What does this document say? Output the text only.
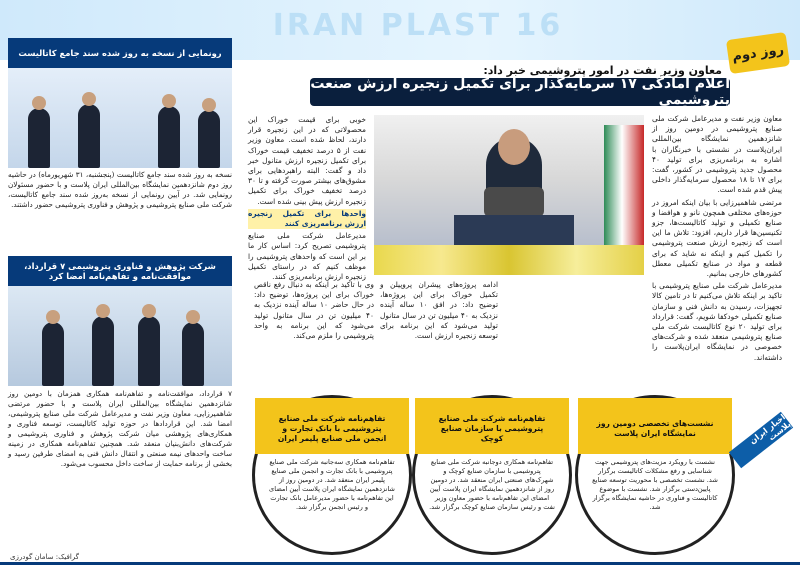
IRAN PLAST 16
روز دوم
معاون وزیر نفت در امور پتروشیمی خبر داد:
اعلام آمادگی ۱۷ سرمایه‌گذار برای تکمیل زنجیره ارزش صنعت پتروشیمی

معاون وزیر نفت و مدیرعامل شرکت ملی صنایع پتروشیمی در دومین روز از شانزدهمین نمایشگاه بین‌المللی ایران‌پلاست در نشستی با خبرنگاران با اشاره به برنامه‌ریزی برای تولید ۴۰ محصول جدید پتروشیمی در کشور، گفت: برای ۱۷ تا ۱۸ محصول سرمایه‌گذار داخلی پیش قدم شده است.

مرتضی شاهمیرزایی با بیان اینکه امروز در حوزه‌های مختلفی همچون نانو و هوافضا و صنایع تکمیلی و تولید کاتالیست‌ها، جزو تکنیسین‌ها قرار داریم، افزود: تلاش ما این است که زنجیره ارزش صنعت پتروشیمی را تکمیل کنیم و اینکه نه شاید که برای قطعه و مواد در صنایع تکمیلی معطل کشورهای خارجی بمانیم.

مدیرعامل شرکت ملی صنایع پتروشیمی با تاکید بر اینکه تلاش می‌کنیم تا در تامین کالا تجهیزات، رسیدن به دانش فنی و سازمان صنایع تکمیلی خودکفا شویم، گفت: قرارداد برای تولید ۲۰ نوع کاتالیست شرکت ملی صنایع پتروشیمی منعقد شده و شرکت‌های خصوصی در نمایشگاه ایران‌پلاست را داشته‌اند.

خوبی برای قیمت خوراک این محصولاتی که در این زنجیره قرار دارند، لحاظ شده است. معاون وزیر نفت از ۵ درصد تخفیف قیمت خوراک برای تکمیل زنجیره ارزش متانول خبر داد و گفت: البته راهبرد‌هایی برای مشوق‌های بیشتر صورت گرفته و تا ۳۰ درصد تخفیف خوراک برای تکمیل زنجیره ارزش پیش بینی شده است.

واحدها برای تکمیل زنجیره ارزش برنامه‌ریزی کنند

مدیرعامل شرکت ملی صنایع پتروشیمی تصریح کرد: اساس کار ما بر این است که واحدهای پتروشیمی را موظف کنیم که در راستای تکمیل زنجیره ارزش برنامه‌ریزی کنند.

وی با تاکید بر اینکه به دنبال رفع ناقص خوراک برای این پروژه‌ها، توضیح داد: در حال حاضر ۱۰ ساله آینده نزدیک به ۴۰ میلیون تن در سال متانول تولید می‌شود که این برنامه به واحد پتروشیمی را ملزم می‌کند.

ادامه پروژه‌های پیشران پروپیلن و تکمیل خوراک برای این پروژه‌ها، توضیح داد: در افق ۱۰ ساله آینده نزدیک به ۴۰ میلیون تن در سال متانول تولید می‌شود که این برنامه برای توسعه زنجیره ارزش است.

رونمایی از نسخه به روز شده سند جامع کاتالیست
نسخه به روز شده سند جامع کاتالیست (پنجشنبه، ۳۱ شهریورماه) در حاشیه روز دوم شانزدهمین نمایشگاه بین‌المللی ایران پلاست و با حضور مسئولان رونمایی شد. در آیین رونمایی از نسخه به‌روز شده سند جامع کاتالیست، شرکت ملی صنایع پتروشیمی و پژوهش و فناوری پتروشیمی حضور داشتند.
شرکت پژوهش و فناوری پتروشیمی ۷ قرارداد، موافقت‌نامه و تفاهم‌نامه امضا کرد
۷ قرارداد، موافقت‌نامه و تفاهم‌نامه همکاری همزمان با دومین روز شانزدهمین نمایشگاه بین‌المللی ایران پلاست و با حضور مرتضی شاهمیرزایی، معاون وزیر نفت و مدیرعامل شرکت ملی صنایع پتروشیمی، امضا شد. این قراردادها در حوزه تولید کاتالیست، توسعه فناوری و همکاری‌های پژوهشی میان شرکت پژوهش و فناوری پتروشیمی و شرکت‌های دانش‌بنیان منعقد شد. همچنین تفاهم‌نامه همکاری در زمینه ساخت واحدهای نیمه صنعتی و انتقال دانش فنی به امضای طرفین رسید و بخشی از برنامه حمایت از ساخت داخل محسوب می‌شود.
تفاهم‌نامه شرکت ملی صنایع پتروشیمی با بانک تجارت و انجمن ملی صنایع پلیمر ایران
تفاهم‌نامه همکاری سه‌جانبه شرکت ملی صنایع پتروشیمی با بانک تجارت و انجمن ملی صنایع پلیمر ایران منعقد شد. در دومین روز از شانزدهمین نمایشگاه ایران پلاست آیین امضای این تفاهم‌نامه با حضور مدیرعامل بانک تجارت و رئیس انجمن برگزار شد.
تفاهم‌نامه شرکت ملی صنایع پتروشیمی با سازمان صنایع کوچک
تفاهم‌نامه همکاری دوجانبه شرکت ملی صنایع پتروشیمی با سازمان صنایع کوچک و شهرک‌های صنعتی ایران منعقد شد. در دومین روز از شانزدهمین نمایشگاه ایران پلاست آیین امضای این تفاهم‌نامه با حضور معاون وزیر نفت و رئیس سازمان صنایع کوچک برگزار شد.
نشست‌های تخصصی دومین روز نمایشگاه ایران پلاست
نشست با رویکرد مزیت‌های پتروشیمی جهت شناسایی و رفع مشکلات کاتالیست برگزار شد. نشست تخصصی با محوریت توسعه صنایع پایین‌دستی برگزار شد. نشست با موضوع کاتالیست و فناوری در حاشیه نمایشگاه برگزار شد.
اخبار ایران پلاست
گرافیک: سامان گودرزی
